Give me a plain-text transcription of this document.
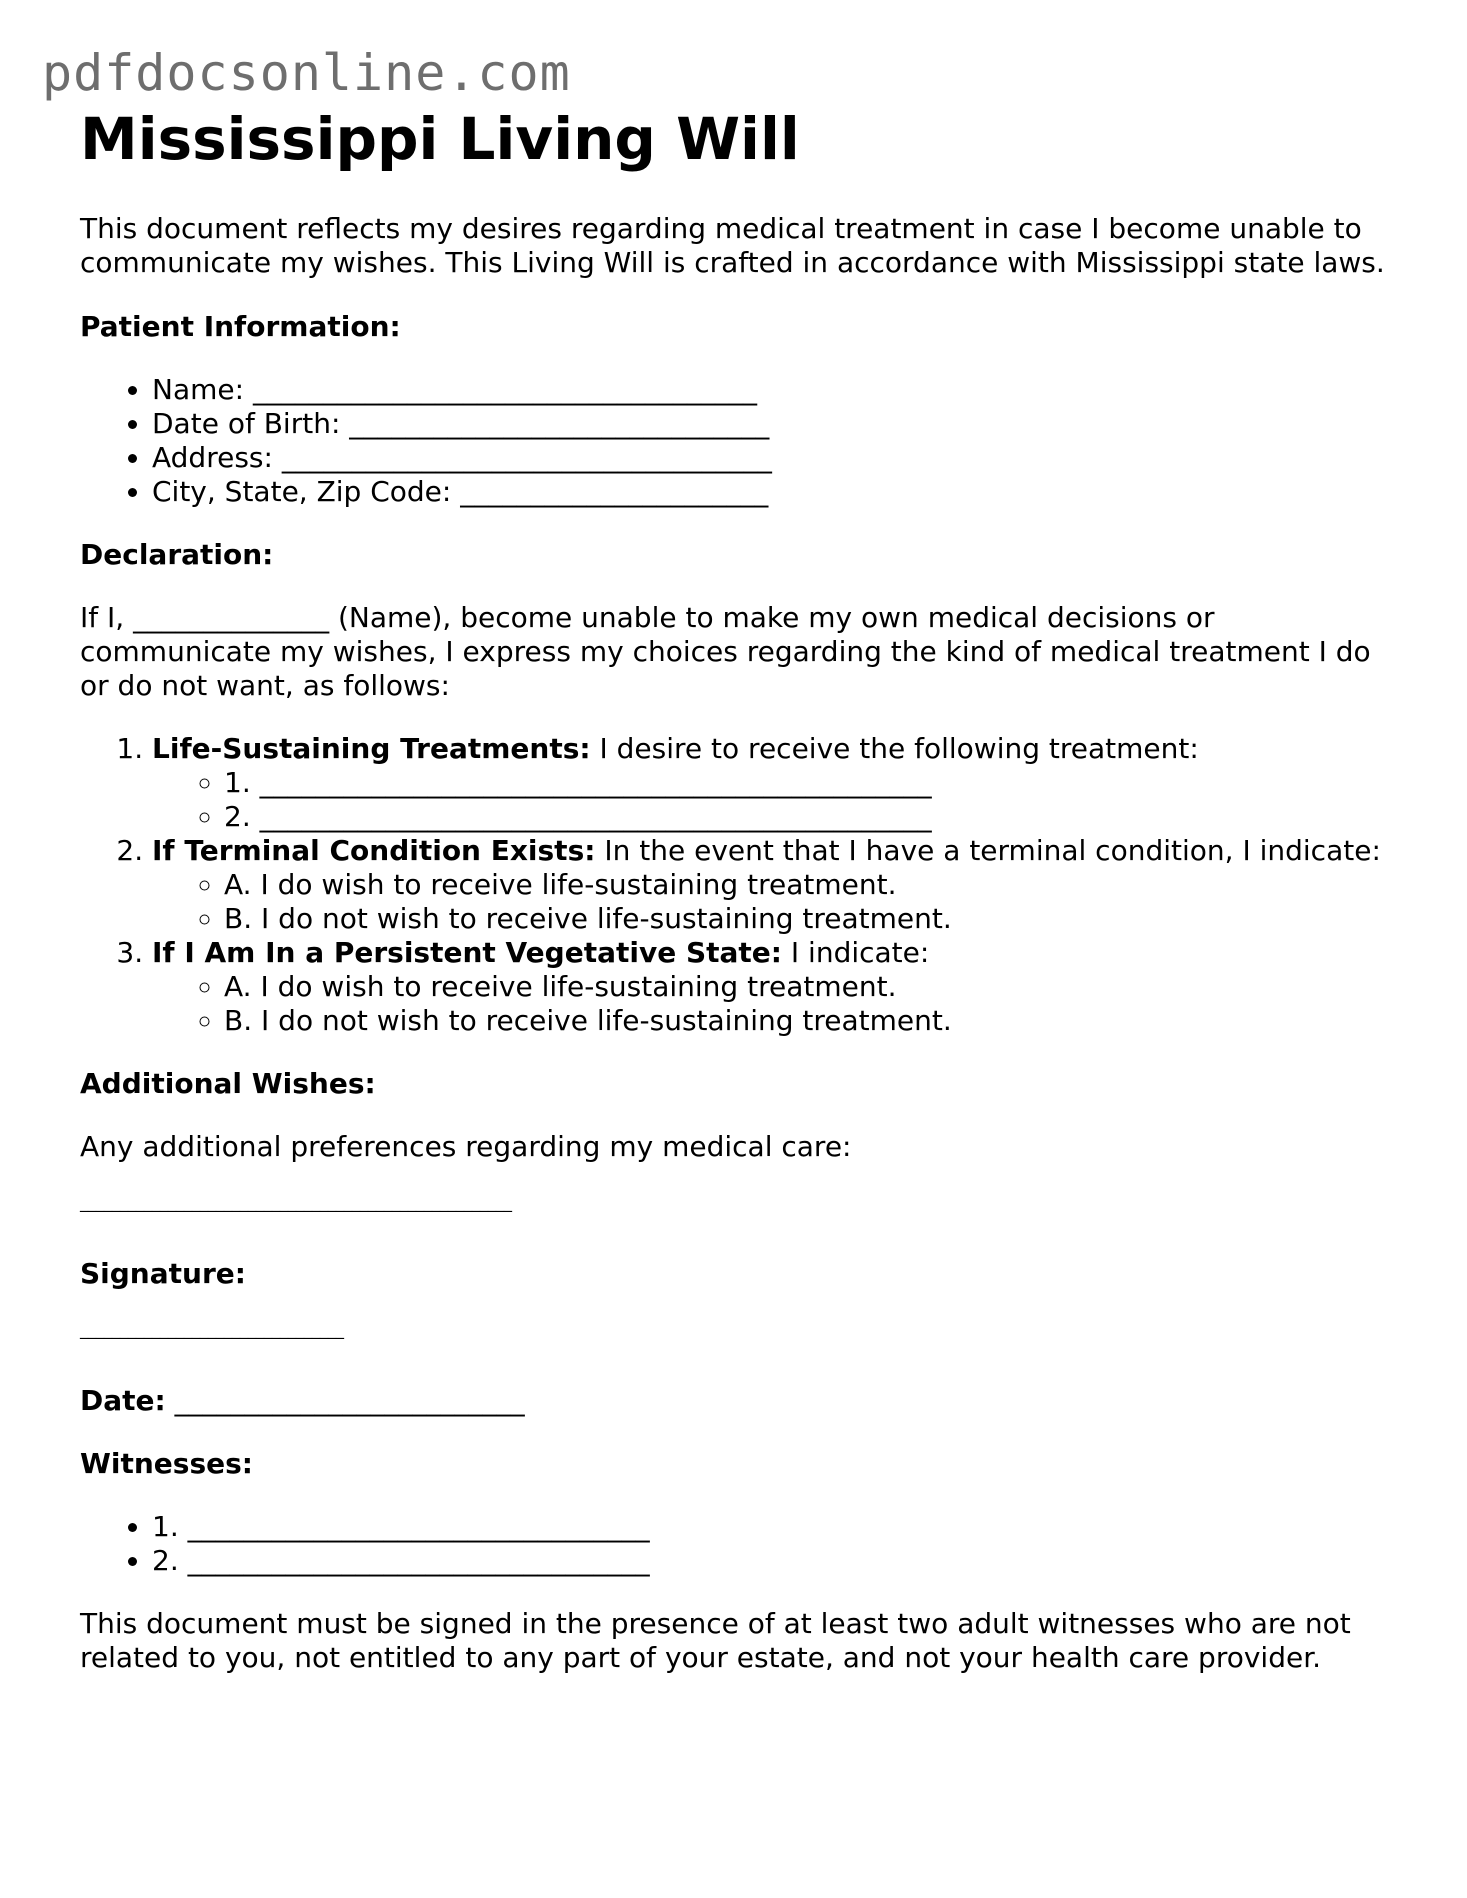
pdfdocsonline.com
Mississippi Living Will

This document reflects my desires regarding medical treatment in case I become unable to communicate my wishes. This Living Will is crafted in accordance with Mississippi state laws.

Patient Information:
• Name: ____________________________________
• Date of Birth: ______________________________
• Address: ___________________________________
• City, State, Zip Code: ______________________
Declaration:

If I, ______________ (Name), become unable to make my own medical decisions or communicate my wishes, I express my choices regarding the kind of medical treatment I do or do not want, as follows:

1. Life-Sustaining Treatments: I desire to receive the following treatment:
◦ 1. ________________________________________________
◦ 2. ________________________________________________
2. If Terminal Condition Exists: In the event that I have a terminal condition, I indicate:
◦ A. I do wish to receive life-sustaining treatment.
◦ B. I do not wish to receive life-sustaining treatment.
3. If I Am In a Persistent Vegetative State: I indicate:
◦ A. I do wish to receive life-sustaining treatment.
◦ B. I do not wish to receive life-sustaining treatment.
Additional Wishes:

Any additional preferences regarding my medical care:

______________________________________________________
Signature:
_________________________________
Date: _________________________
Witnesses:
• 1. _________________________________
• 2. _________________________________

This document must be signed in the presence of at least two adult witnesses who are not related to you, not entitled to any part of your estate, and not your health care provider.
